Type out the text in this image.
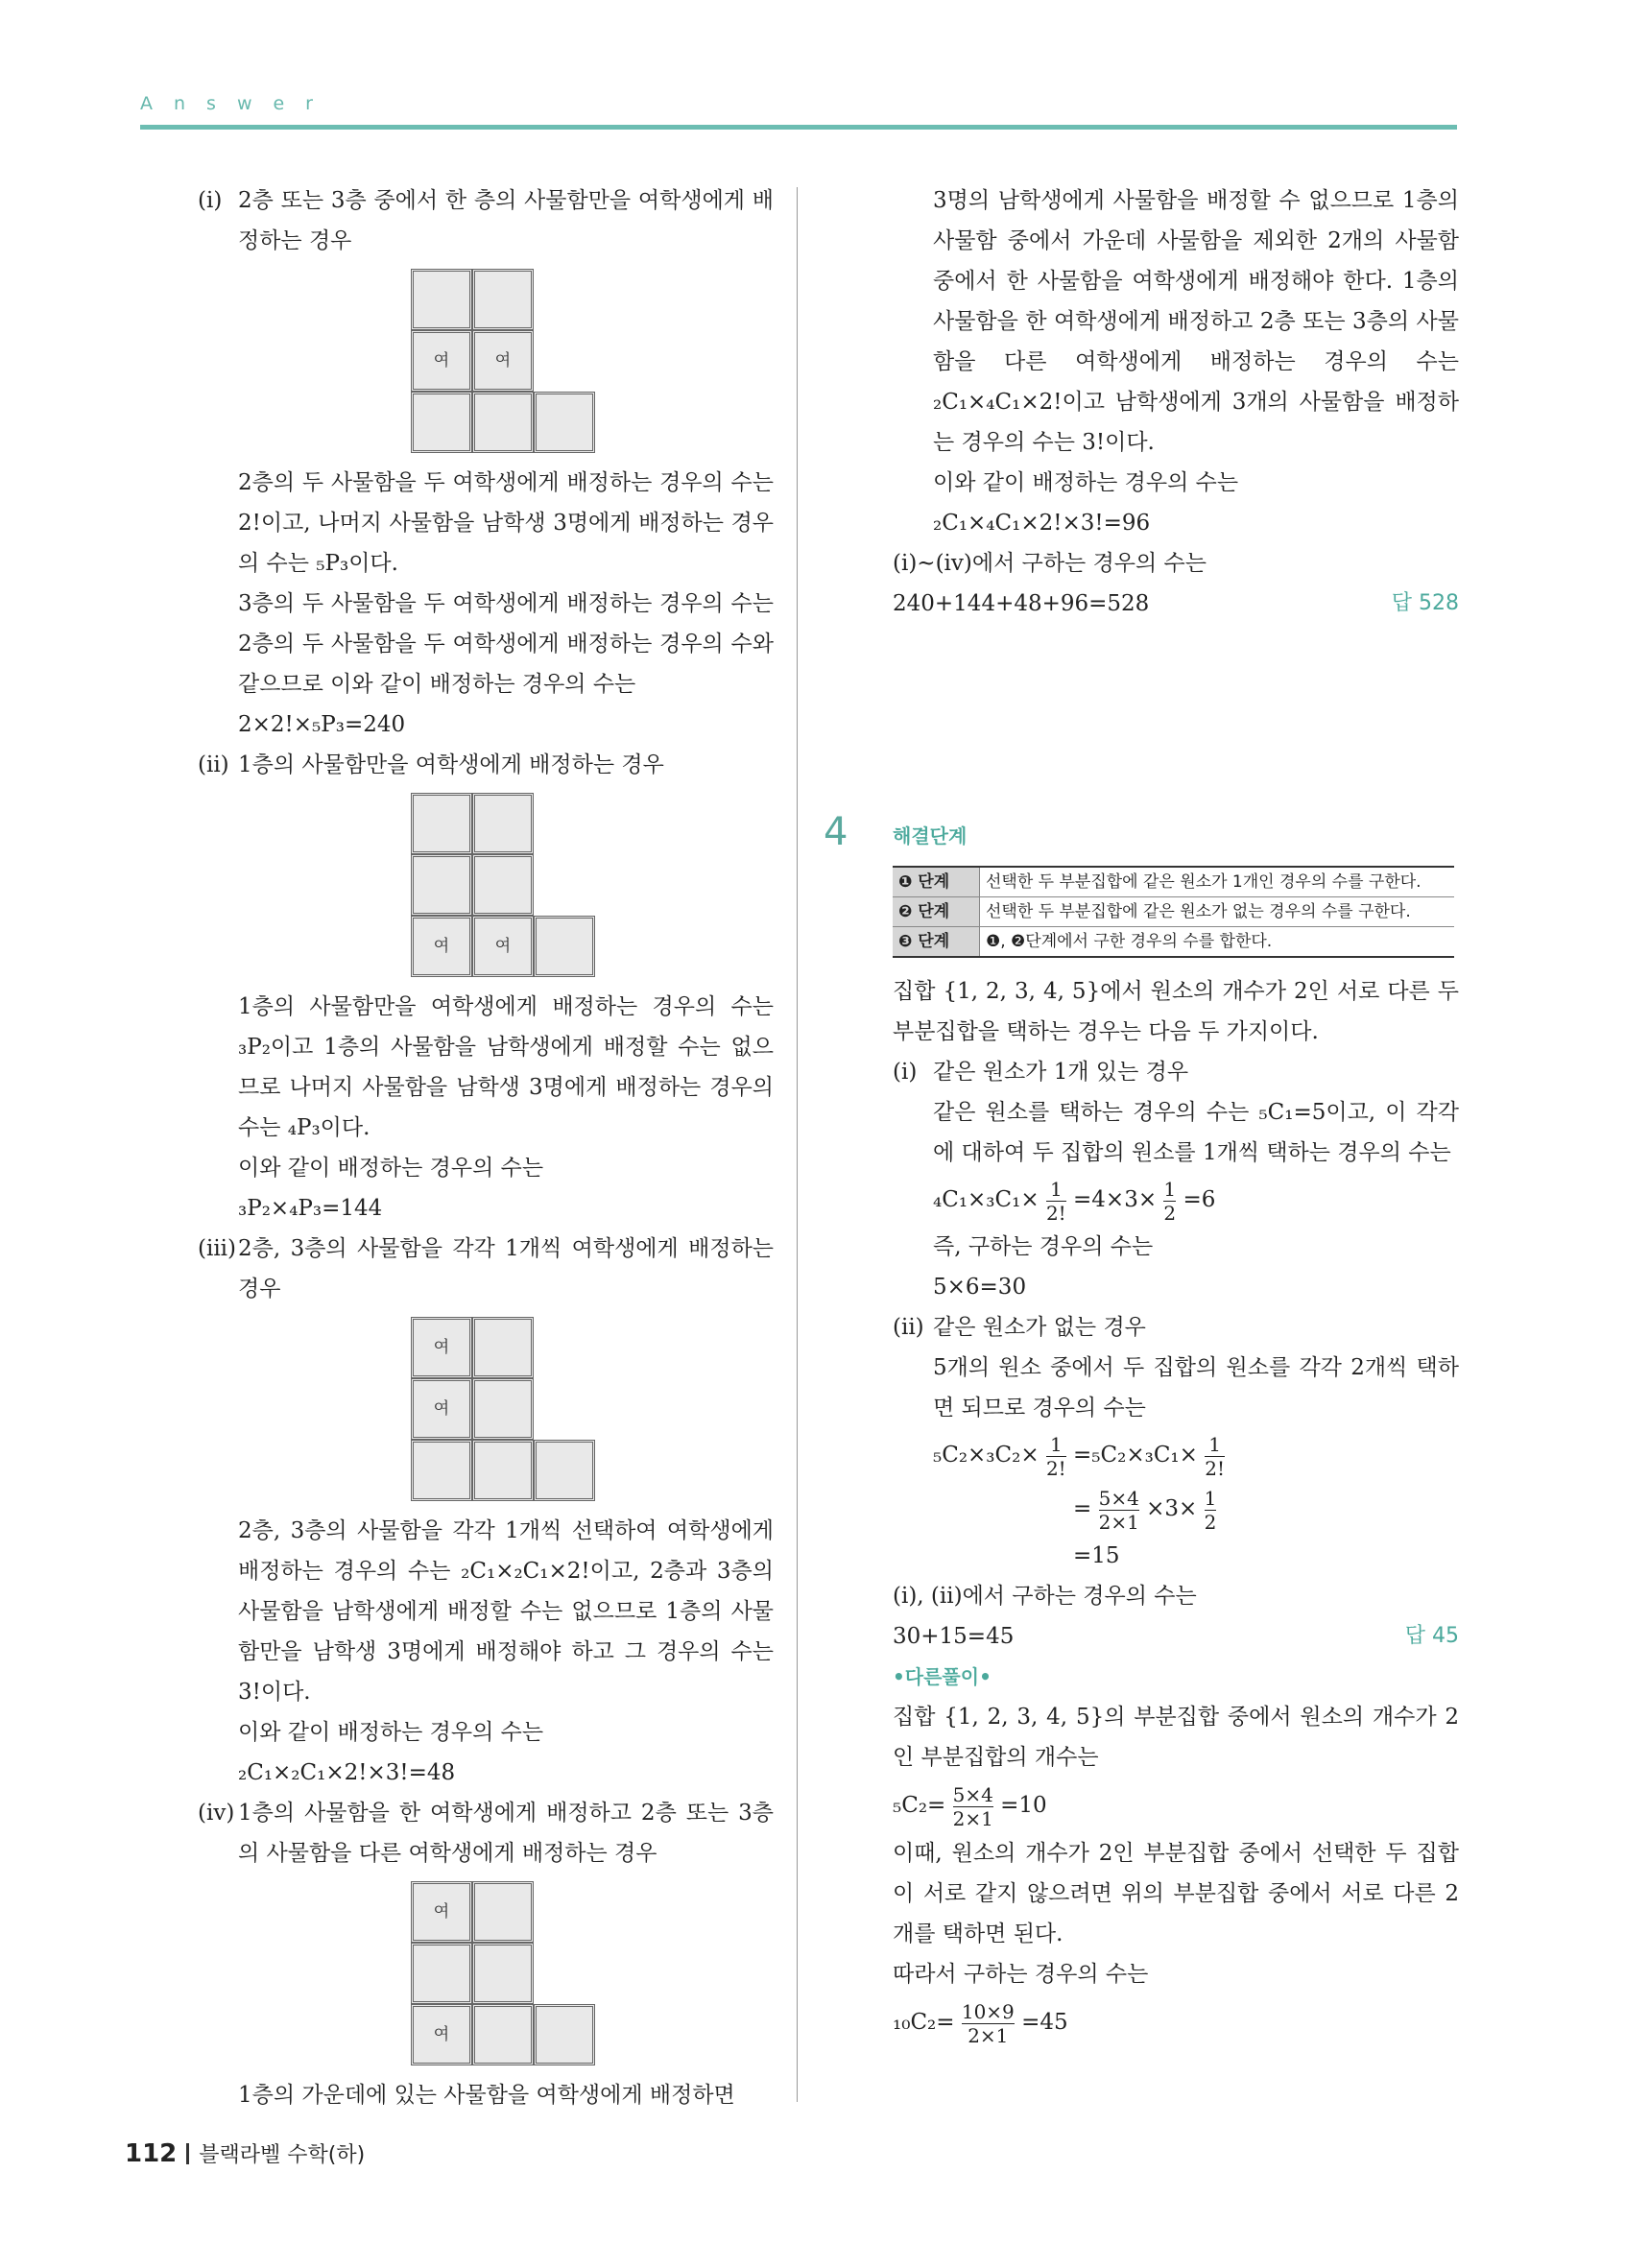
Answer

(i) 2층 또는 3층 중에서 한 층의 사물함만을 여학생에게 배정하는 경우

여	여

2층의 두 사물함을 두 여학생에게 배정하는 경우의 수는 2!이고, 나머지 사물함을 남학생 3명에게 배정하는 경우의 수는 ₅P₃이다.

3층의 두 사물함을 두 여학생에게 배정하는 경우의 수는 2층의 두 사물함을 두 여학생에게 배정하는 경우의 수와 같으므로 이와 같이 배정하는 경우의 수는

2×2!×₅P₃=240

(ii) 1층의 사물함만을 여학생에게 배정하는 경우

여	여

1층의 사물함만을 여학생에게 배정하는 경우의 수는 ₃P₂이고 1층의 사물함을 남학생에게 배정할 수는 없으므로 나머지 사물함을 남학생 3명에게 배정하는 경우의 수는 ₄P₃이다.

이와 같이 배정하는 경우의 수는

₃P₂×₄P₃=144

(iii)2층, 3층의 사물함을 각각 1개씩 여학생에게 배정하는 경우

여
여

2층, 3층의 사물함을 각각 1개씩 선택하여 여학생에게 배정하는 경우의 수는 ₂C₁×₂C₁×2!이고, 2층과 3층의 사물함을 남학생에게 배정할 수는 없으므로 1층의 사물함만을 남학생 3명에게 배정해야 하고 그 경우의 수는 3!이다.

이와 같이 배정하는 경우의 수는

₂C₁×₂C₁×2!×3!=48

(iv) 1층의 사물함을 한 여학생에게 배정하고 2층 또는 3층의 사물함을 다른 여학생에게 배정하는 경우

여
여

1층의 가운데에 있는 사물함을 여학생에게 배정하면

3명의 남학생에게 사물함을 배정할 수 없으므로 1층의 사물함 중에서 가운데 사물함을 제외한 2개의 사물함 중에서 한 사물함을 여학생에게 배정해야 한다. 1층의 사물함을 한 여학생에게 배정하고 2층 또는 3층의 사물함을 다른 여학생에게 배정하는 경우의 수는 ₂C₁×₄C₁×2!이고 남학생에게 3개의 사물함을 배정하는 경우의 수는 3!이다.

이와 같이 배정하는 경우의 수는

₂C₁×₄C₁×2!×3!=96

(i)~(iv)에서 구하는 경우의 수는

240+144+48+96=528	답 528

4 해결단계

❶ 단계	선택한 두 부분집합에 같은 원소가 1개인 경우의 수를 구한다.
❷ 단계	선택한 두 부분집합에 같은 원소가 없는 경우의 수를 구한다.
❸ 단계	❶, ❷단계에서 구한 경우의 수를 합한다.

집합 {1, 2, 3, 4, 5}에서 원소의 개수가 2인 서로 다른 두 부분집합을 택하는 경우는 다음 두 가지이다.

(i) 같은 원소가 1개 있는 경우

같은 원소를 택하는 경우의 수는 ₅C₁=5이고, 이 각각에 대하여 두 집합의 원소를 1개씩 택하는 경우의 수는

$_4C_1\times_3C_1\times \frac{1}{2!} =4\times 3\times \frac{1}{2} =6$

즉, 구하는 경우의 수는

5×6=30

(ii) 같은 원소가 없는 경우

5개의 원소 중에서 두 집합의 원소를 각각 2개씩 택하면 되므로 경우의 수는

$_5C_2\times_3C_2\times \frac{1}{2!} =_5C_2\times_3C_1\times \frac{1}{2!}$

= $\frac{5\times 4}{2\times 1} \times 3\times \frac{1}{2}$

=15

(i), (ii)에서 구하는 경우의 수는

30+15=45	답 45

•다른풀이•

집합 {1, 2, 3, 4, 5}의 부분집합 중에서 원소의 개수가 2인 부분집합의 개수는

$_5C_2= \frac{5\times 4}{2\times 1} =10$

이때, 원소의 개수가 2인 부분집합 중에서 선택한 두 집합이 서로 같지 않으려면 위의 부분집합 중에서 서로 다른 2개를 택하면 된다.

따라서 구하는 경우의 수는

$_{10}C_2= \frac{10\times 9}{2\times 1} =45$

112 블랙라벨 수학(하)
